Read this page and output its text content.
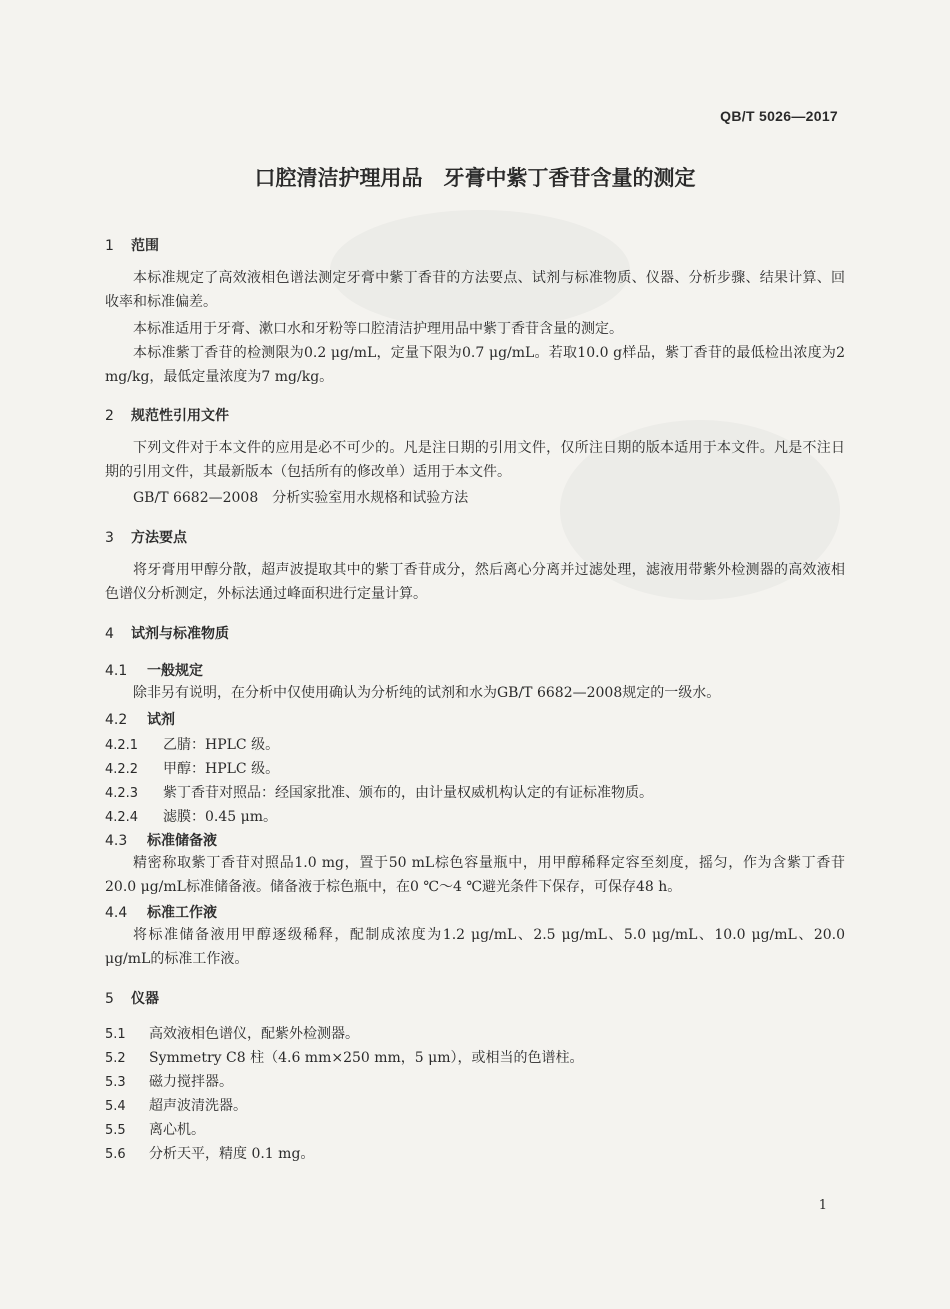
QB/T 5026—2017
口腔清洁护理用品　牙膏中紫丁香苷含量的测定
1 范围
本标准规定了高效液相色谱法测定牙膏中紫丁香苷的方法要点、试剂与标准物质、仪器、分析步骤、结果计算、回收率和标准偏差。
本标准适用于牙膏、漱口水和牙粉等口腔清洁护理用品中紫丁香苷含量的测定。
本标准紫丁香苷的检测限为0.2 μg/mL，定量下限为0.7 μg/mL。若取10.0 g样品，紫丁香苷的最低检出浓度为2 mg/kg，最低定量浓度为7 mg/kg。
2 规范性引用文件
下列文件对于本文件的应用是必不可少的。凡是注日期的引用文件，仅所注日期的版本适用于本文件。凡是不注日期的引用文件，其最新版本（包括所有的修改单）适用于本文件。
GB/T 6682—2008　分析实验室用水规格和试验方法
3 方法要点
将牙膏用甲醇分散，超声波提取其中的紫丁香苷成分，然后离心分离并过滤处理，滤液用带紫外检测器的高效液相色谱仪分析测定，外标法通过峰面积进行定量计算。
4 试剂与标准物质
4.1 一般规定
除非另有说明，在分析中仅使用确认为分析纯的试剂和水为GB/T 6682—2008规定的一级水。
4.2 试剂
4.2.1 乙腈：HPLC 级。
4.2.2 甲醇：HPLC 级。
4.2.3 紫丁香苷对照品：经国家批准、颁布的，由计量权威机构认定的有证标准物质。
4.2.4 滤膜：0.45 μm。
4.3 标准储备液
精密称取紫丁香苷对照品1.0 mg，置于50 mL棕色容量瓶中，用甲醇稀释定容至刻度，摇匀，作为含紫丁香苷20.0 μg/mL标准储备液。储备液于棕色瓶中，在0 ℃～4 ℃避光条件下保存，可保存48 h。
4.4 标准工作液
将标准储备液用甲醇逐级稀释，配制成浓度为1.2 μg/mL、2.5 μg/mL、5.0 μg/mL、10.0 μg/mL、20.0 μg/mL的标准工作液。
5 仪器
5.1 高效液相色谱仪，配紫外检测器。
5.2 Symmetry C8 柱（4.6 mm×250 mm，5 μm），或相当的色谱柱。
5.3 磁力搅拌器。
5.4 超声波清洗器。
5.5 离心机。
5.6 分析天平，精度 0.1 mg。
1
